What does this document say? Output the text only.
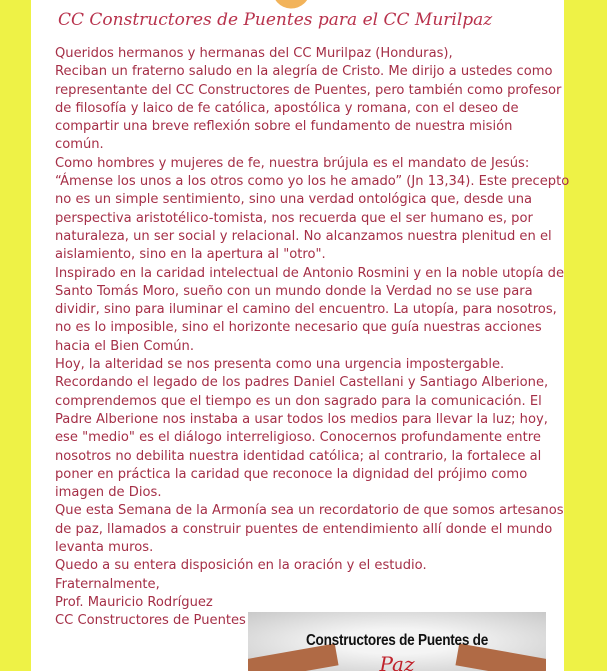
CC Constructores de Puentes para el CC Murilpaz

Queridos hermanos y hermanas del CC Murilpaz (Honduras),

Reciban un fraterno saludo en la alegría de Cristo. Me dirijo a ustedes como

representante del CC Constructores de Puentes, pero también como profesor

de filosofía y laico de fe católica, apostólica y romana, con el deseo de

compartir una breve reflexión sobre el fundamento de nuestra misión

común.

Como hombres y mujeres de fe, nuestra brújula es el mandato de Jesús:

“Ámense los unos a los otros como yo los he amado” (Jn 13,34). Este precepto

no es un simple sentimiento, sino una verdad ontológica que, desde una

perspectiva aristotélico-tomista, nos recuerda que el ser humano es, por

naturaleza, un ser social y relacional. No alcanzamos nuestra plenitud en el

aislamiento, sino en la apertura al "otro".

Inspirado en la caridad intelectual de Antonio Rosmini y en la noble utopía de

Santo Tomás Moro, sueño con un mundo donde la Verdad no se use para

dividir, sino para iluminar el camino del encuentro. La utopía, para nosotros,

no es lo imposible, sino el horizonte necesario que guía nuestras acciones

hacia el Bien Común.

Hoy, la alteridad se nos presenta como una urgencia impostergable.

Recordando el legado de los padres Daniel Castellani y Santiago Alberione,

comprendemos que el tiempo es un don sagrado para la comunicación. El

Padre Alberione nos instaba a usar todos los medios para llevar la luz; hoy,

ese "medio" es el diálogo interreligioso. Conocernos profundamente entre

nosotros no debilita nuestra identidad católica; al contrario, la fortalece al

poner en práctica la caridad que reconoce la dignidad del prójimo como

imagen de Dios.

Que esta Semana de la Armonía sea un recordatorio de que somos artesanos

de paz, llamados a construir puentes de entendimiento allí donde el mundo

levanta muros.

Quedo a su entera disposición en la oración y el estudio.

Fraternalmente,

Prof. Mauricio Rodríguez

CC Constructores de Puentes

Constructores de Puentes de
Paz
